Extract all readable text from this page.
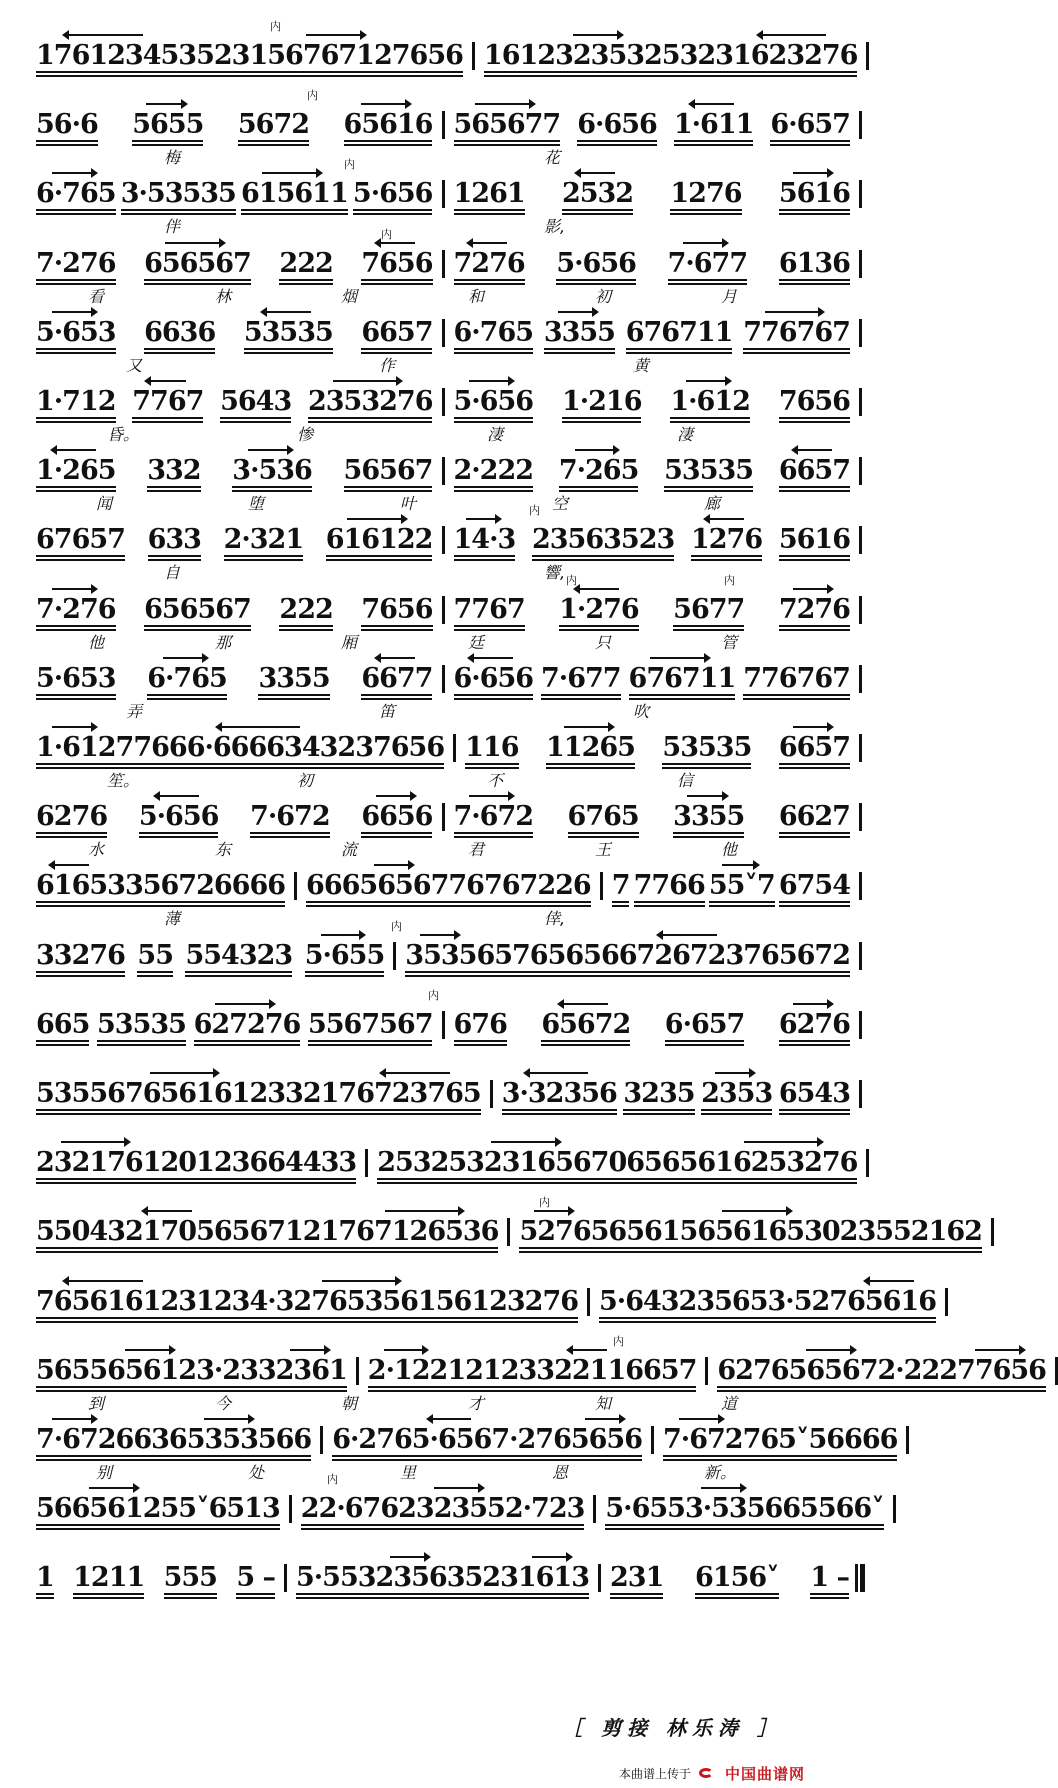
17612345 352315 676712 7656 1612 32353 25323 1623276
内
56·6 5655 5672 65616 565677 6·656 1·611 6·657
内
梅	花
6·765 3·53535 615611 5·656 1261 2532 1276 5616
内
伴	影,
7·276 656567 222 7656 7276 5·656 7·677 6136
内
看	林	烟	和	初	月
5·653 6636 53535 6657 6·765 3355 676711 776767
又	作	黄
1·712 7767 5643 2353276 5·656 1·216 1·612 7656
昏。	惨	淒	淒
1·265 332 3·536 56567 2·222 7·265 53535 6657
闻	堕	叶	空	廊
67657 633 2·321 616122 14·3 23563523 1276 5616
内
自	響,
7·276 656567 222 7656 7767 1·276 5677 7276
内	内
他	那	厢	廷	只	管
5·653 6·765 3355 6677 6·656 7·677 676711 776767
弄	笛	吹
1·612 7766 6·6666343 237656 116 11265 53535 6657
笙。	初	不	信
6276 5·656 7·672 6656 7·672 6765 3355 6627
水	东	流	君	王	他
6165 335672 66 66 666 5656 776767 226 7 7766 55˅7 6754
薄	倖,
33276 55 554323 5·655 3535 657656566 726723 765672
内
665 53535 627276 5567567 676 65672 6·657 6276
内
53556 7656161 233217 6723765 3·32356 3235 2353 6543
2321761 2012 366 4433 25325 3231656 7065656 16253276
55043 21705 65671217 67126536 5276 565615 6561653 023552162
内
76561612 31234·3 27653561 56123276 5·64323 565 3·527 65616
5655 65612 3·233 2361 2·122 121233 2211 6657 6276 56567 2·222 77656
内
到	今	朝	才	知	道
7·672 6636 53535 66 6·276 5·656 7·276 5656 7·672 765˅ 566 66
别	处	里	恩	新。
56 65612 55˅6 513 2 2·6762 32355 2·723 5·655 3·535 6655 66˅
内
1 1211 555 5 – 5·553 2356 3523 1613 231 6156˅ 1 –
［ 剪接 林乐涛 ］
本曲谱上传于 中国曲谱网
